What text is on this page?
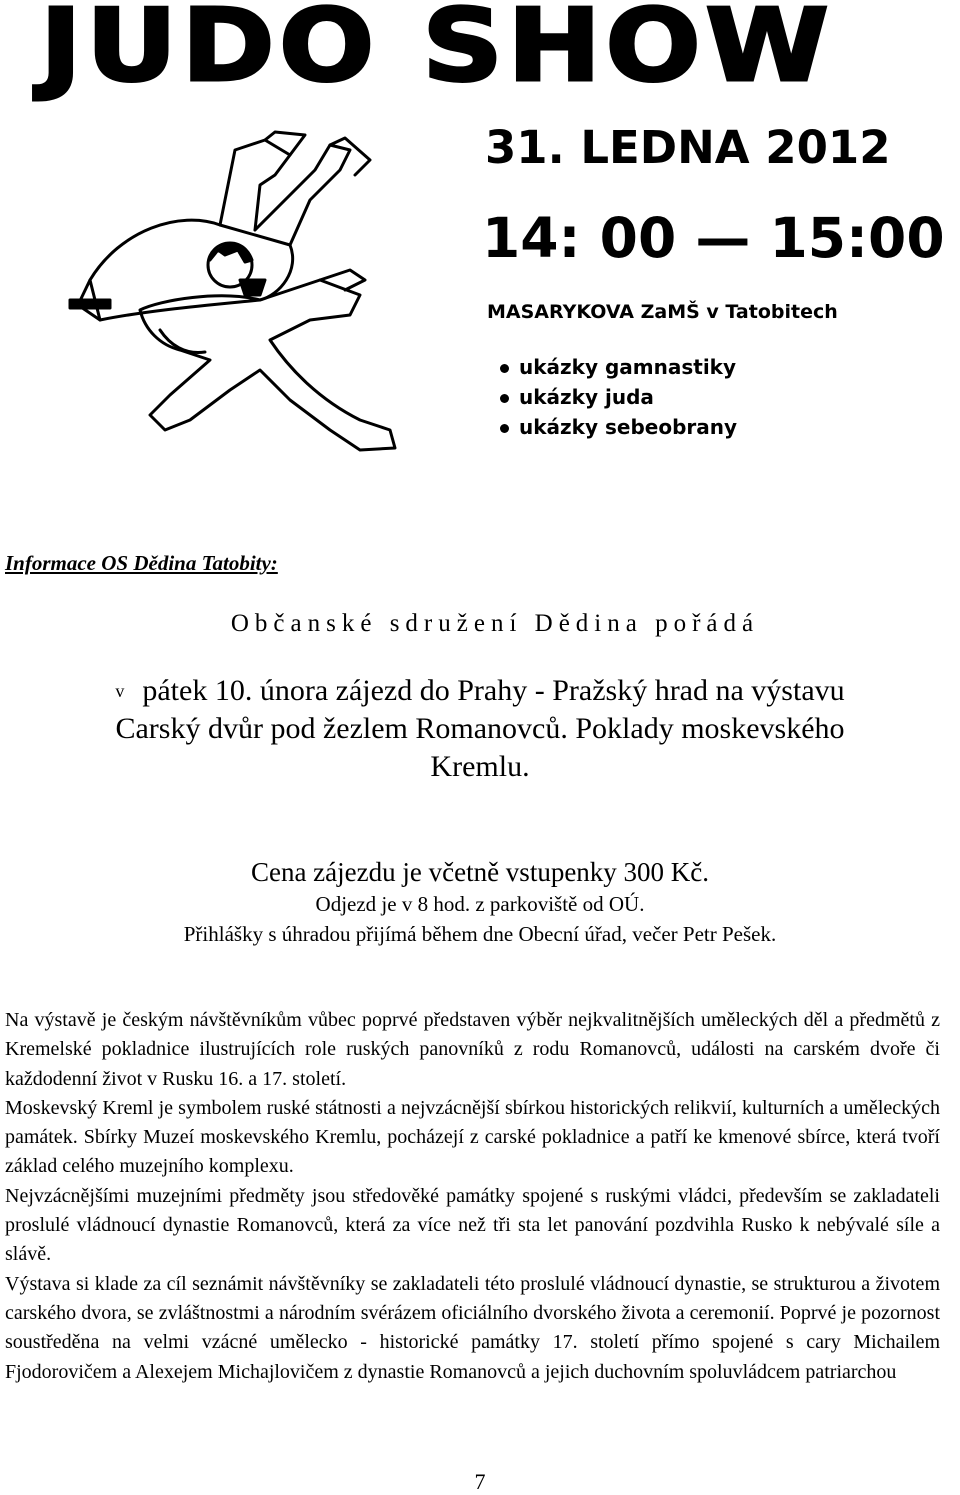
JUDO SHOW
31. LEDNA 2012
14: 00 — 15:00
MASARYKOVA ZaMŠ v Tatobitech
ukázky gamnastiky
ukázky juda
ukázky sebeobrany
Informace OS Dědina Tatobity:
Občanské sdružení Dědina pořádá
v pátek 10. února zájezd do Prahy - Pražský hrad na výstavu
Carský dvůr pod žezlem Romanovců. Poklady moskevského
Kremlu.
Cena zájezdu je včetně vstupenky 300 Kč.
Odjezd je v 8 hod. z parkoviště od OÚ.
Přihlášky s úhradou přijímá během dne Obecní úřad, večer Petr Pešek.

Na výstavě je českým návštěvníkům vůbec poprvé představen výběr nejkvalitnějších uměleckých děl a předmětů z Kremelské pokladnice ilustrujících role ruských panovníků z rodu Romanovců, události na carském dvoře či každodenní život v Rusku 16. a 17. století.

Moskevský Kreml je symbolem ruské státnosti a nejvzácnější sbírkou historických relikvií, kulturních a uměleckých památek. Sbírky Muzeí moskevského Kremlu, pocházejí z carské pokladnice a patří ke kmenové sbírce, která tvoří základ celého muzejního komplexu.

Nejvzácnějšími muzejními předměty jsou středověké památky spojené s ruskými vládci, především se zakladateli proslulé vládnoucí dynastie Romanovců, která za více než tři sta let panování pozdvihla Rusko k nebývalé síle a slávě.

Výstava si klade za cíl seznámit návštěvníky se zakladateli této proslulé vládnoucí dynastie, se strukturou a životem carského dvora, se zvláštnostmi a národním svérázem oficiálního dvorského života a ceremonií. Poprvé je pozornost soustředěna na velmi vzácné umělecko - historické památky 17. století přímo spojené s cary Michailem Fjodorovičem a Alexejem Michajlovičem z dynastie Romanovců a jejich duchovním spoluvládcem patriarchou

7
